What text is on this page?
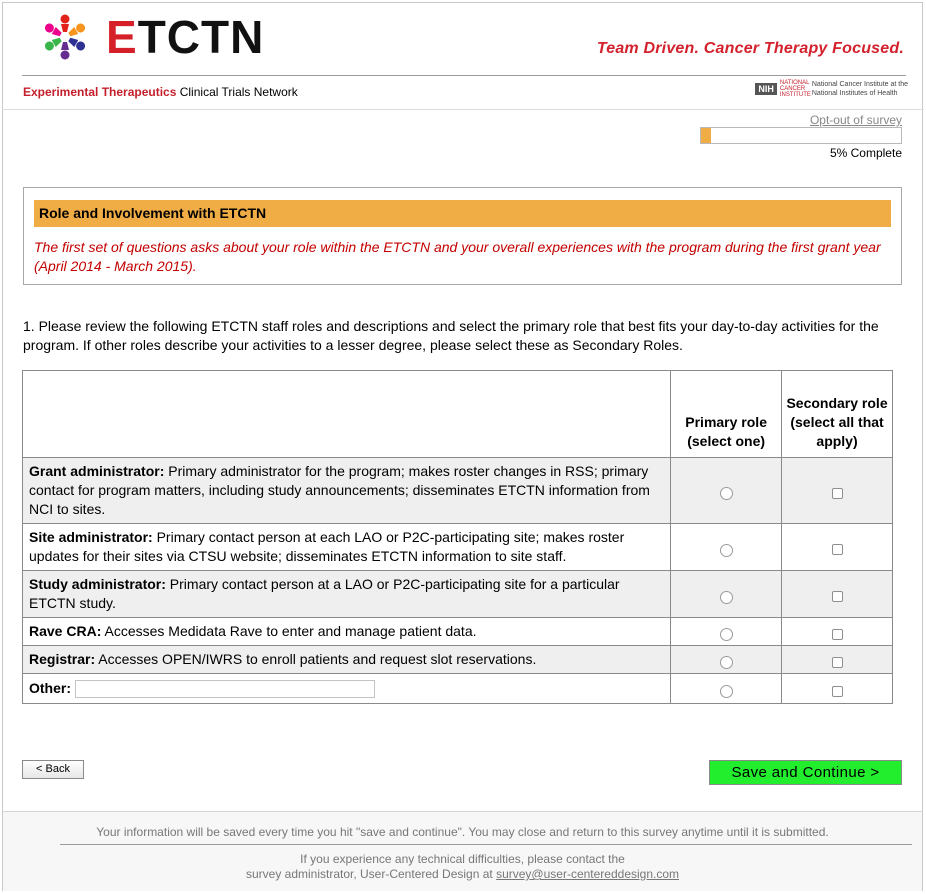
ETCTN	Team Driven. Cancer Therapy Focused.
Experimental Therapeutics Clinical Trials Network	NIH
NATIONAL CANCER INSTITUTE
National Cancer Institute at the
National Institutes of Health
Opt-out of survey
5% Complete
Role and Involvement with ETCTN
The first set of questions asks about your role within the ETCTN and your overall experiences with the program during the first grant year (April 2014 - March 2015).
1. Please review the following ETCTN staff roles and descriptions and select the primary role that best fits your day-to-day activities for the program. If other roles describe your activities to a lesser degree, please select these as Secondary Roles.
	Primary role (select one)	Secondary role (select all that apply)
Grant administrator: Primary administrator for the program; makes roster changes in RSS; primary contact for program matters, including study announcements; disseminates ETCTN information from NCI to sites.		
Site administrator: Primary contact person at each LAO or P2C-participating site; makes roster updates for their sites via CTSU website; disseminates ETCTN information to site staff.		
Study administrator: Primary contact person at a LAO or P2C-participating site for a particular ETCTN study.		
Rave CRA: Accesses Medidata Rave to enter and manage patient data.		
Registrar: Accesses OPEN/IWRS to enroll patients and request slot reservations.		
Other:		
< Back	Save and Continue >
Your information will be saved every time you hit "save and continue". You may close and return to this survey anytime until it is submitted.
If you experience any technical difficulties, please contact the
survey administrator, User-Centered Design at survey@user-centereddesign.com
